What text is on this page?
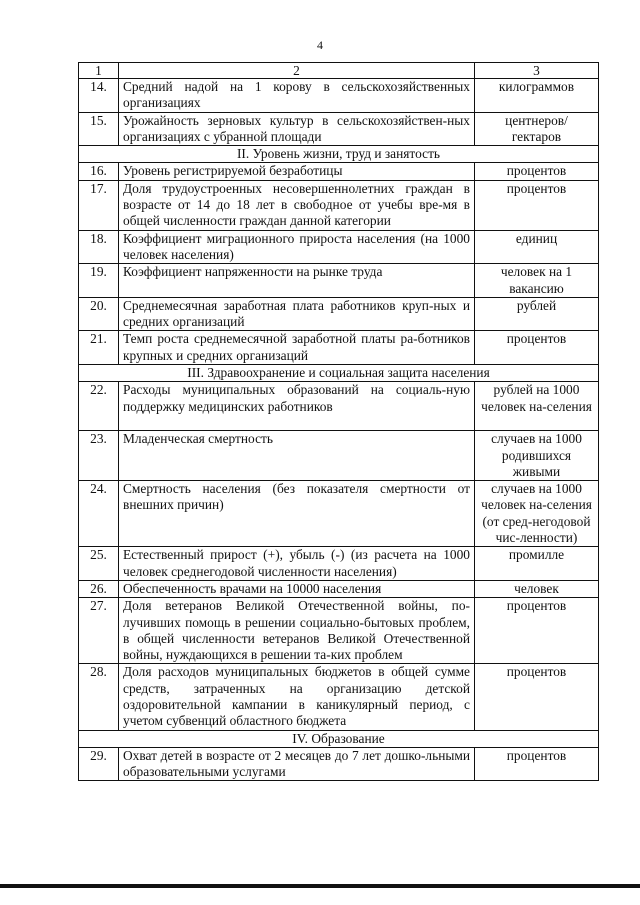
4
1	2	3
14.	Средний надой на 1 корову в сельскохозяйственных организациях	килограммов
15.	Урожайность зерновых культур в сельскохозяйствен-ных организациях с убранной площади	центнеров/ гектаров
II. Уровень жизни, труд и занятость		
16.	Уровень регистрируемой безработицы	процентов
17.	Доля трудоустроенных несовершеннолетних граждан в возрасте от 14 до 18 лет в свободное от учебы вре-мя в общей численности граждан данной категории	процентов
18.	Коэффициент миграционного прироста населения (на 1000 человек населения)	единиц
19.	Коэффициент напряженности на рынке труда	человек на 1 вакансию
20.	Среднемесячная заработная плата работников круп-ных и средних организаций	рублей
21.	Темп роста среднемесячной заработной платы ра-ботников крупных и средних организаций	процентов
III. Здравоохранение и социальная защита населения		
22.	Расходы муниципальных образований на социаль-ную поддержку медицинских работников	рублей на 1000 человек на-селения
23.	Младенческая смертность	случаев на 1000 родившихся живыми
24.	Смертность населения (без показателя смертности от внешних причин)	случаев на 1000 человек на-селения (от сред-негодовой чис-ленности)
25.	Естественный прирост (+), убыль (-) (из расчета на 1000 человек среднегодовой численности населения)	промилле
26.	Обеспеченность врачами на 10000 населения	человек
27.	Доля ветеранов Великой Отечественной войны, по-лучивших помощь в решении социально-бытовых проблем, в общей численности ветеранов Великой Отечественной войны, нуждающихся в решении та-ких проблем	процентов
28.	Доля расходов муниципальных бюджетов в общей сумме средств, затраченных на организацию детской оздоровительной кампании в каникулярный период, с учетом субвенций областного бюджета	процентов
IV. Образование		
29.	Охват детей в возрасте от 2 месяцев до 7 лет дошко-льными образовательными услугами	процентов
